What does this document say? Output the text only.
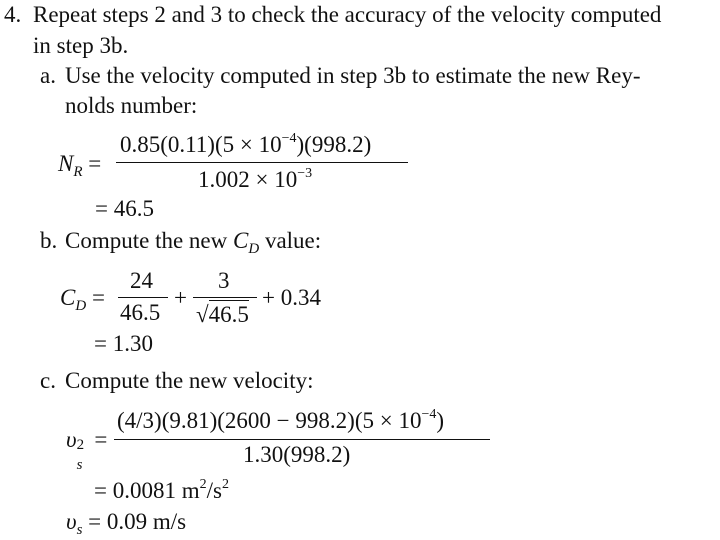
4. Repeat steps 2 and 3 to check the accuracy of the velocity computed
in step 3b.
a. Use the velocity computed in step 3b to estimate the new Rey-
nolds number:
$N_R$ =
$0.85(0.11)(5 \times 10^{-4})(998.2)$
$1.002 \times 10^{-3}$
= 46.5
b. Compute the new $C_D$ value:
$C_D$ =
24
46.5
+
3
√46.5
+ 0.34
= 1.30
c. Compute the new velocity:
υ
s
2 =
$(4/3)(9.81)(2600 - 998.2)(5 \times 10^{-4})$
1.30(998.2)
= 0.0081 $m^2/s^2$
$\upsilon_s = 0.09$ m/s
